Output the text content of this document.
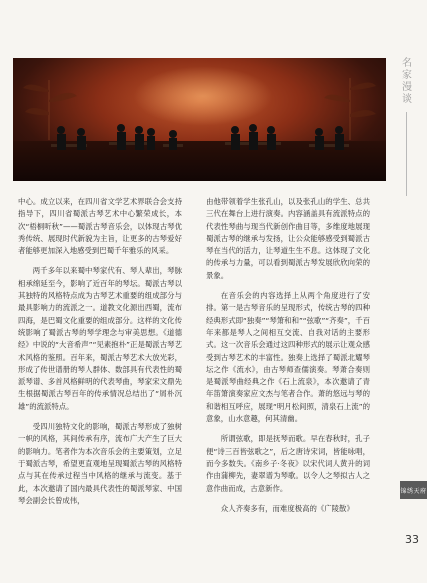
名家漫谈
锦绣天府
33

中心。成立以来，在四川省文学艺术界联合会支持指导下，四川省蜀派古琴艺术中心繁荣成长，本次“梧桐听秋”——蜀派古琴音乐会，以体现古琴优秀传统、展现时代新貌为主旨，让更多的古琴爱好者能够更加深入地感受到巴蜀千年雅乐的风采。

两千多年以来蜀中琴家代有、琴人辈出，琴脉相承绵延至今，影响了近百年的琴坛。蜀派古琴以其独特的风格特点成为古琴艺术重要的组成部分与最具影响力的流派之一。道教文化源出西蜀，流布四海，是巴蜀文化重要的组成部分。这样的文化传统影响了蜀派古琴的琴学理念与审美思想。《道德经》中说的“大音希声”“见素抱朴”正是蜀派古琴艺术风格的鉴照。百年来，蜀派古琴艺术大放光彩，形成了传世谱册的琴人群体、数部具有代表性的蜀派琴谱、多首风格鲜明的代表琴曲，琴家宋文鼎先生根据蜀派古琴百年的传承情况总结出了“屑朴沉雄”的流派特点。

受四川独特文化的影响，蜀派古琴形成了独树一帜的风格，其间传承有序，流布广大产生了巨大的影响力。笔者作为本次音乐会的主要策划，立足于蜀派古琴，希望更直观地呈现蜀派古琴的风格特点与其在传承过程当中风格的继承与流变。基于此，本次邀请了国内最具代表性的蜀派琴家、中国琴会副会长曾成伟，

由他带领着学生张孔山，以及张孔山的学生、总共三代在舞台上进行演奏。内容涵盖具有流派特点的代表性琴曲与现当代新创作曲目等，多维度地展现蜀派古琴的继承与发扬，让公众能够感受到蜀派古琴在当代的活力，让琴道生生不息。这体现了文化的传承与力量，可以看到蜀派古琴发展欣欣向荣的景象。

在音乐会的内容选择上从两个角度进行了安排。第一是古琴音乐的呈现形式，传统古琴的四种经典形式即“独奏”“琴箫和和”“弦歌”“齐奏”，千百年来都是琴人之间相互交流、自我对话的主要形式。这一次音乐会通过这四种形式的展示让观众感受到古琴艺术的丰富性。独奏上选择了蜀派北耀琴坛之作《流水》，由古琴师查儒演奏。琴萧合奏则是蜀派琴曲经典之作《石上流泉》，本次邀请了青年笛箫演奏家应文杰与笔者合作。萧的悠远与琴的和谐相互呼应，展现“明月松间照，清泉石上流”的意象，山水意趣，何其清幽。

所谓弦歌，即是抚琴而歌。早在春秋时，孔子便“诗三百皆弦歌之”，后之唐诗宋词，皆能咏唱，而今多数失。《南乡子·冬夜》以宋代词人黄升的词作由蒲柳先，妻翠谱为琴歌。以令人之琴拟古人之意作曲而成，古意新作。

众人齐奏多有，而难度极高的《广陵散》
